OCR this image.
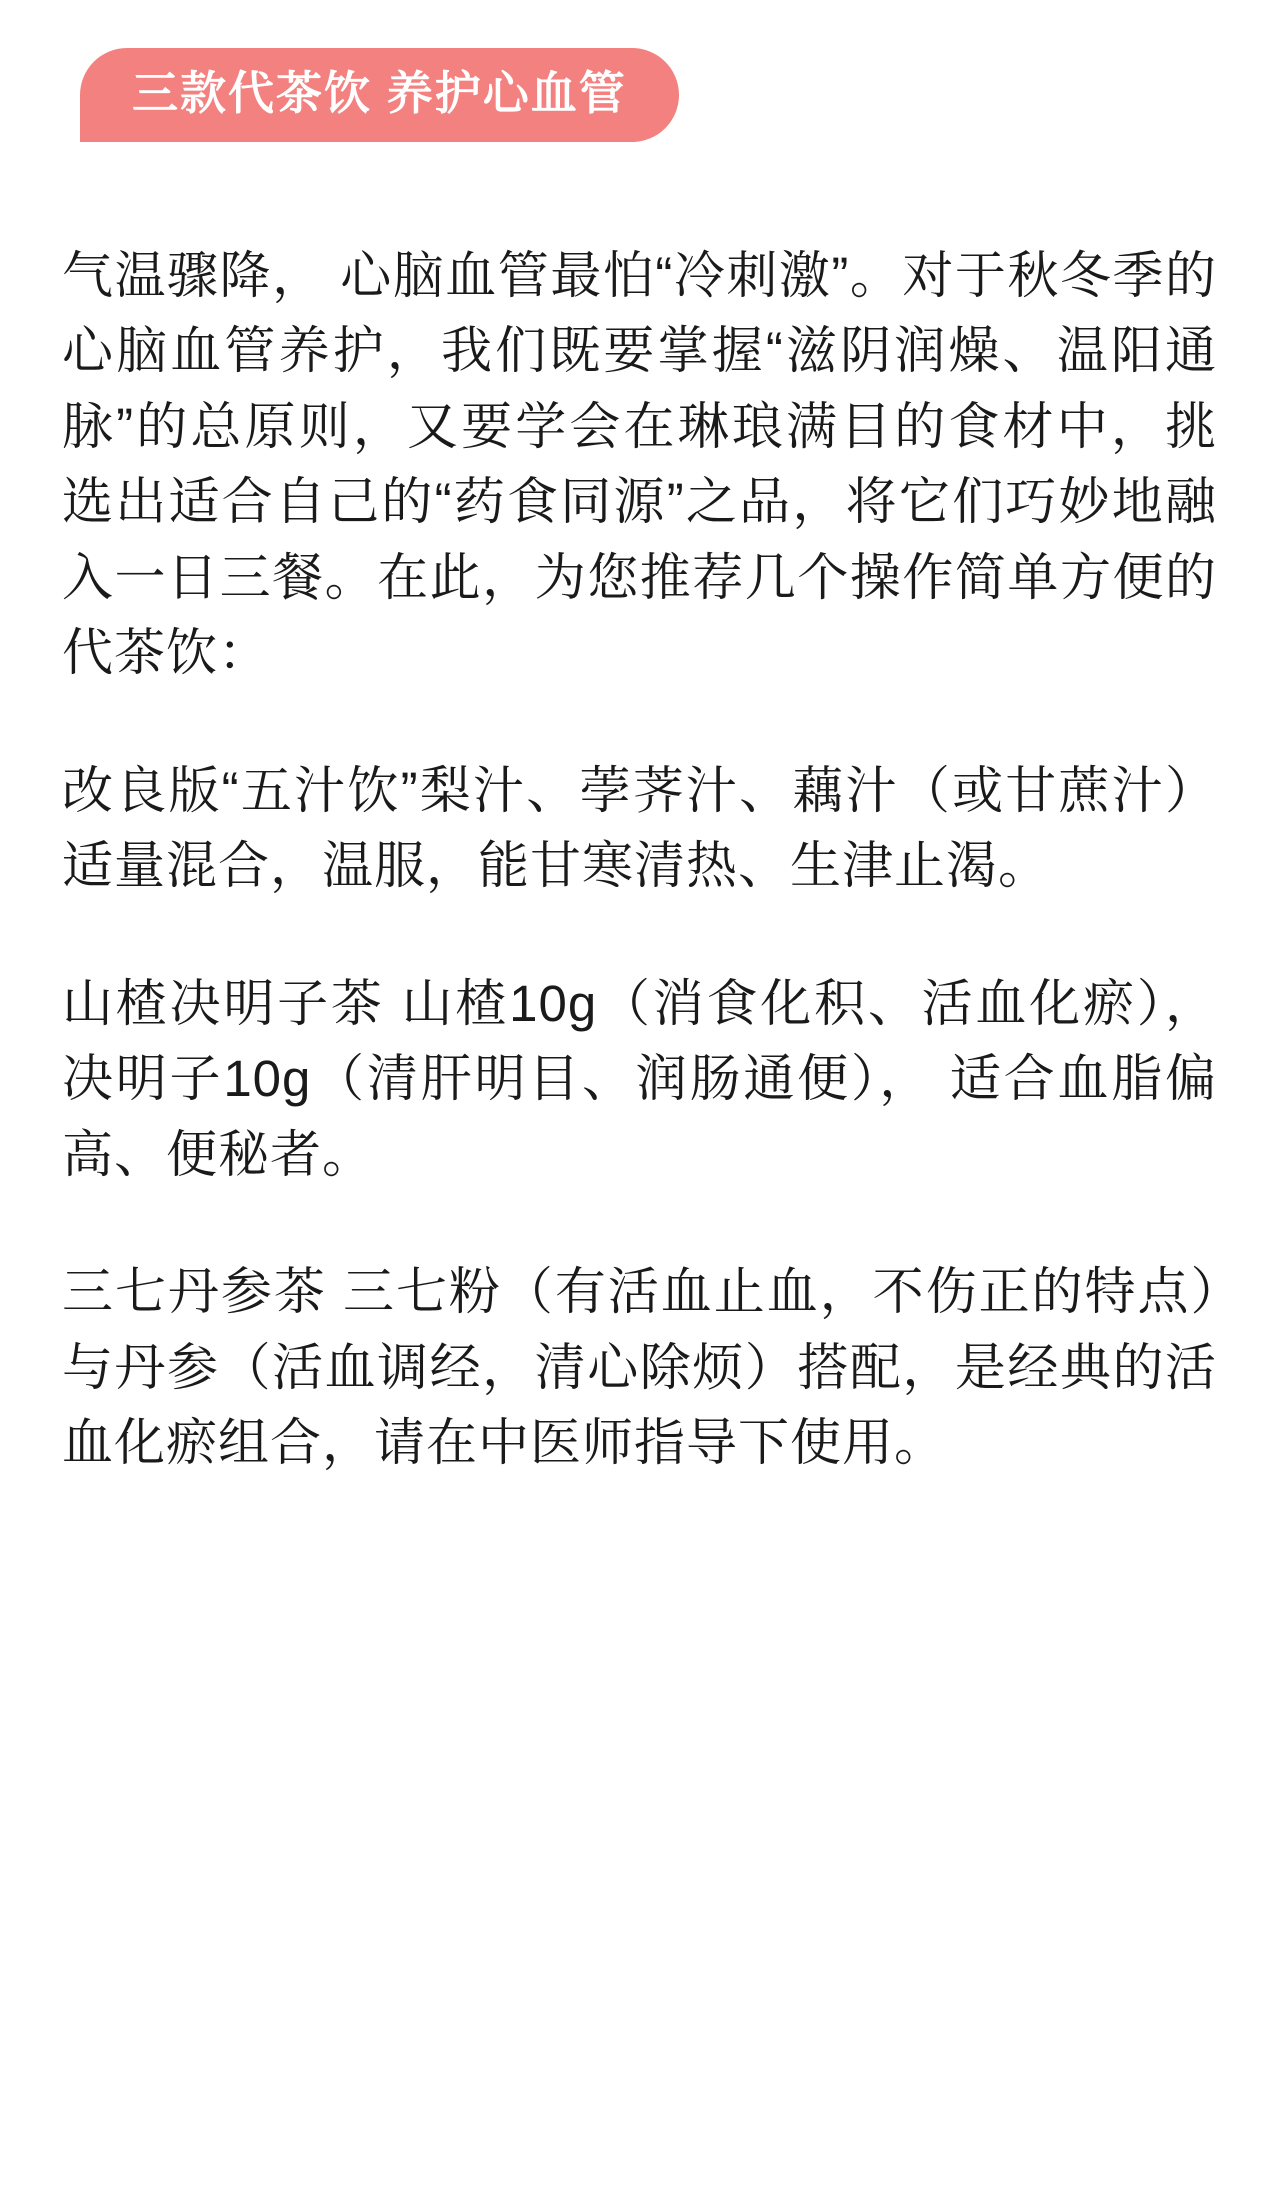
三款代茶饮 养护心血管

气温骤降， 心脑血管最怕“冷刺激”。对于秋冬季的心脑血管养护，我们既要掌握“滋阴润燥、温阳通脉”的总原则，又要学会在琳琅满目的食材中，挑选出适合自己的“药食同源”之品，将它们巧妙地融入一日三餐。在此，为您推荐几个操作简单方便的代茶饮：

改良版“五汁饮”梨汁、荸荠汁、藕汁（或甘蔗汁）适量混合，温服，能甘寒清热、生津止渴。

山楂决明子茶 山楂10g（消食化积、活血化瘀）， 决明子10g（清肝明目、润肠通便）， 适合血脂偏高、便秘者。

三七丹参茶 三七粉（有活血止血，不伤正的特点）与丹参（活血调经，清心除烦）搭配，是经典的活血化瘀组合，请在中医师指导下使用。
